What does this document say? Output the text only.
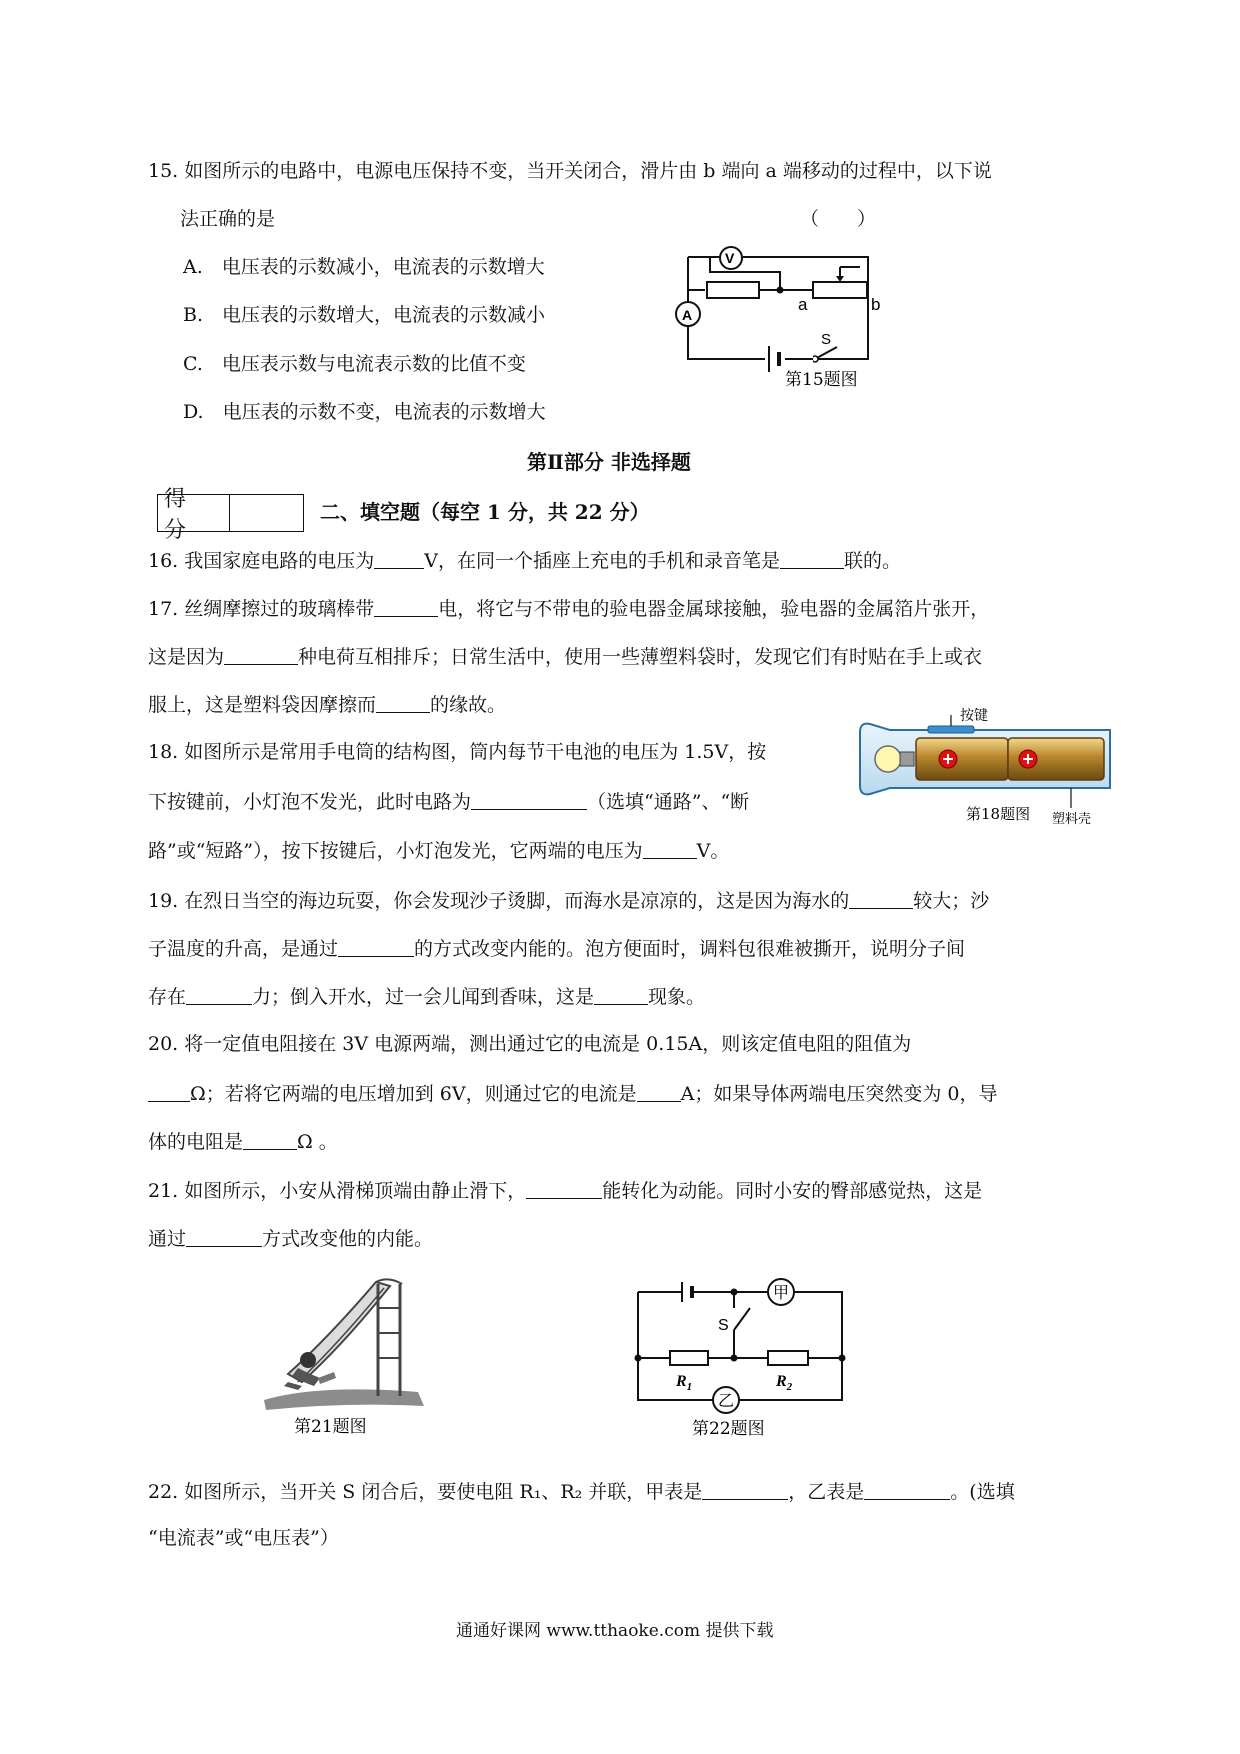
15. 如图所示的电路中，电源电压保持不变，当开关闭合，滑片由 b 端向 a 端移动的过程中，以下说
法正确的是	（　　）
A.　电压表的示数减小，电流表的示数增大
B.　电压表的示数增大，电流表的示数减小
C.　电压表示数与电流表示数的比值不变
D.　电压表的示数不变，电流表的示数增大
V
A
a	b
S
第15题图
第Ⅱ部分 非选择题
得 分
二、填空题（每空 1 分，共 22 分）
16. 我国家庭电路的电压为	V，在同一个插座上充电的手机和录音笔是	联的。
17. 丝绸摩擦过的玻璃棒带	电，将它与不带电的验电器金属球接触，验电器的金属箔片张开，
这是因为	种电荷互相排斥；日常生活中，使用一些薄塑料袋时，发现它们有时贴在手上或衣
服上，这是塑料袋因摩擦而	的缘故。
18. 如图所示是常用手电筒的结构图，筒内每节干电池的电压为 1.5V，按
下按键前，小灯泡不发光，此时电路为	（选填“通路”、“断
路”或“短路”），按下按键后，小灯泡发光，它两端的电压为	V。
按键
第18题图 塑料壳
19. 在烈日当空的海边玩耍，你会发现沙子烫脚，而海水是凉凉的，这是因为海水的	较大；沙
子温度的升高，是通过	的方式改变内能的。泡方便面时，调料包很难被撕开，说明分子间
存在	力；倒入开水，过一会儿闻到香味，这是	现象。
20. 将一定值电阻接在 3V 电源两端，测出通过它的电流是 0.15A，则该定值电阻的阻值为
Ω；若将它两端的电压增加到 6V，则通过它的电流是 A；如果导体两端电压突然变为 0，导
体的电阻是	Ω 。
21. 如图所示，小安从滑梯顶端由静止滑下，	能转化为动能。同时小安的臀部感觉热，这是
通过	方式改变他的内能。
第21题图
甲
乙
S
$R_1$	$R_2$
第22题图
22. 如图所示，当开关 S 闭合后，要使电阻 R₁、R₂ 并联，甲表是	，乙表是	。(选填
“电流表”或“电压表”）
通通好课网 www.tthaoke.com 提供下载
